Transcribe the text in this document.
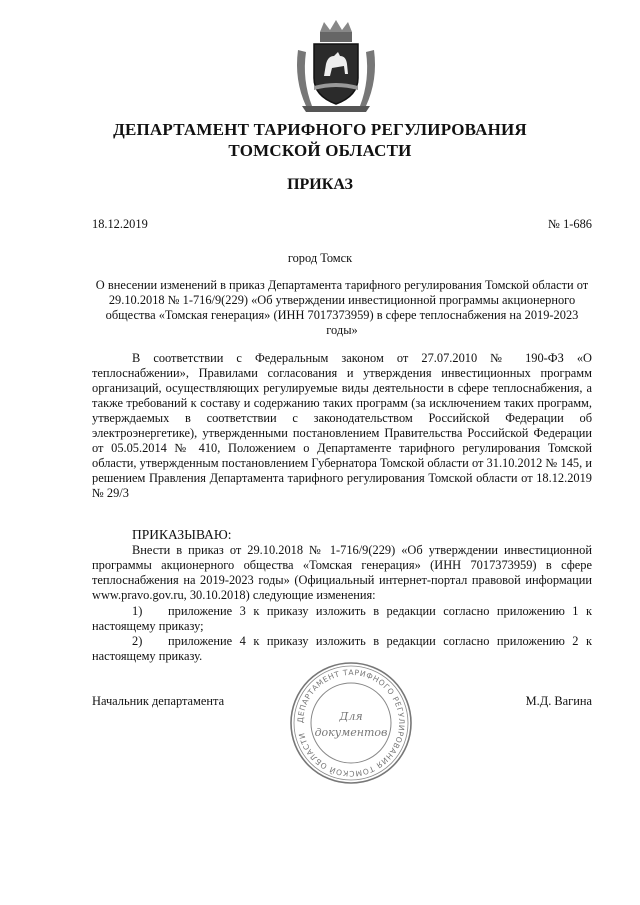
ДЕПАРТАМЕНТ ТАРИФНОГО РЕГУЛИРОВАНИЯ
ТОМСКОЙ ОБЛАСТИ
ПРИКАЗ
18.12.2019	№ 1-686
город Томск
О внесении изменений в приказ Департамента тарифного регулирования Томской области от 29.10.2018 № 1-716/9(229) «Об утверждении инвестиционной программы акционерного общества «Томская генерация» (ИНН 7017373959) в сфере теплоснабжения на 2019-2023 годы»
В соответствии с Федеральным законом от 27.07.2010 № 190-ФЗ «О теплоснабжении», Правилами согласования и утверждения инвестиционных программ организаций, осуществляющих регулируемые виды деятельности в сфере теплоснабжения, а также требований к составу и содержанию таких программ (за исключением таких программ, утверждаемых в соответствии с законодательством Российской Федерации об электроэнергетике), утвержденными постановлением Правительства Российской Федерации от 05.05.2014 № 410, Положением о Департаменте тарифного регулирования Томской области, утвержденным постановлением Губернатора Томской области от 31.10.2012 № 145, и решением Правления Департамента тарифного регулирования Томской области от 18.12.2019 № 29/3
ПРИКАЗЫВАЮ:
Внести в приказ от 29.10.2018 № 1-716/9(229) «Об утверждении инвестиционной программы акционерного общества «Томская генерация» (ИНН 7017373959) в сфере теплоснабжения на 2019-2023 годы» (Официальный интернет-портал правовой информации www.pravo.gov.ru, 30.10.2018) следующие изменения:
1) приложение 3 к приказу изложить в редакции согласно приложению 1 к настоящему приказу;
2) приложение 4 к приказу изложить в редакции согласно приложению 2 к настоящему приказу.
Начальник департамента	М.Д. Вагина
ДЕПАРТАМЕНТ ТАРИФНОГО РЕГУЛИРОВАНИЯ ТОМСКОЙ ОБЛАСТИ
Для
документов
